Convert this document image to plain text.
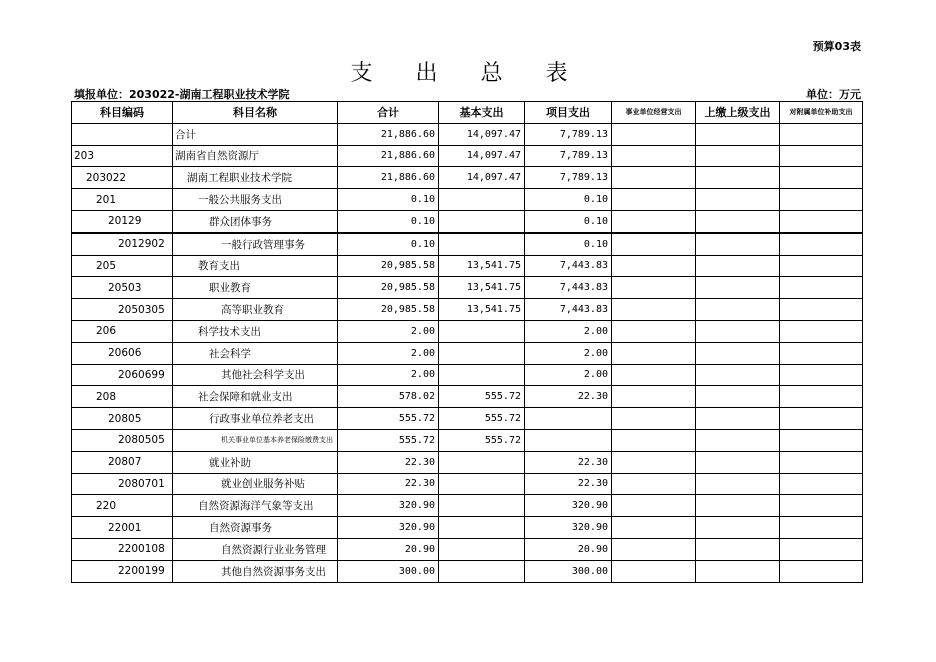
预算03表
支 出 总 表
填报单位：203022-湖南工程职业技术学院	单位：万元
科目编码	科目名称	合计	基本支出	项目支出	事业单位经营支出	上缴上级支出	对附属单位补助支出
	合计	21,886.60	14,097.47	7,789.13			
203	湖南省自然资源厅	21,886.60	14,097.47	7,789.13			
203022	湖南工程职业技术学院	21,886.60	14,097.47	7,789.13			
201	一般公共服务支出	0.10		0.10			
20129	群众团体事务	0.10		0.10			
2012902	一般行政管理事务	0.10		0.10			
205	教育支出	20,985.58	13,541.75	7,443.83			
20503	职业教育	20,985.58	13,541.75	7,443.83			
2050305	高等职业教育	20,985.58	13,541.75	7,443.83			
206	科学技术支出	2.00		2.00			
20606	社会科学	2.00		2.00			
2060699	其他社会科学支出	2.00		2.00			
208	社会保障和就业支出	578.02	555.72	22.30			
20805	行政事业单位养老支出	555.72	555.72				
2080505	机关事业单位基本养老保险缴费支出	555.72	555.72				
20807	就业补助	22.30		22.30			
2080701	就业创业服务补贴	22.30		22.30			
220	自然资源海洋气象等支出	320.90		320.90			
22001	自然资源事务	320.90		320.90			
2200108	自然资源行业业务管理	20.90		20.90			
2200199	其他自然资源事务支出	300.00		300.00			
